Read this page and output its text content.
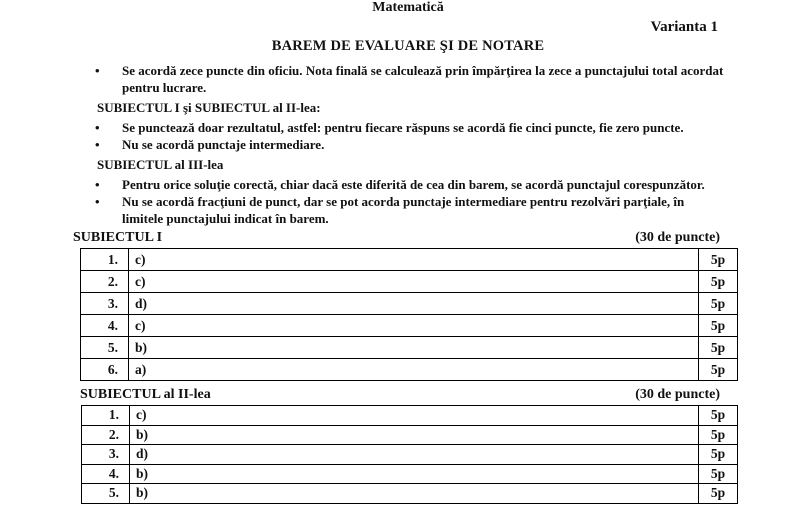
Matematică
Varianta 1
BAREM DE EVALUARE ŞI DE NOTARE
• Se acordă zece puncte din oficiu. Nota finală se calculează prin împărţirea la zece a punctajului total acordat pentru lucrare.
SUBIECTUL I şi SUBIECTUL al II-lea:
• Se punctează doar rezultatul, astfel: pentru fiecare răspuns se acordă fie cinci puncte, fie zero puncte.
• Nu se acordă punctaje intermediare.
SUBIECTUL al III-lea
• Pentru orice soluţie corectă, chiar dacă este diferită de cea din barem, se acordă punctajul corespunzător.
• Nu se acordă fracţiuni de punct, dar se pot acorda punctaje intermediare pentru rezolvări parţiale, în limitele punctajului indicat în barem.
SUBIECTUL I	(30 de puncte)
1.	c)	5p
2.	c)	5p
3.	d)	5p
4.	c)	5p
5.	b)	5p
6.	a)	5p
SUBIECTUL al II-lea	(30 de puncte)
1.	c)	5p
2.	b)	5p
3.	d)	5p
4.	b)	5p
5.	b)	5p
